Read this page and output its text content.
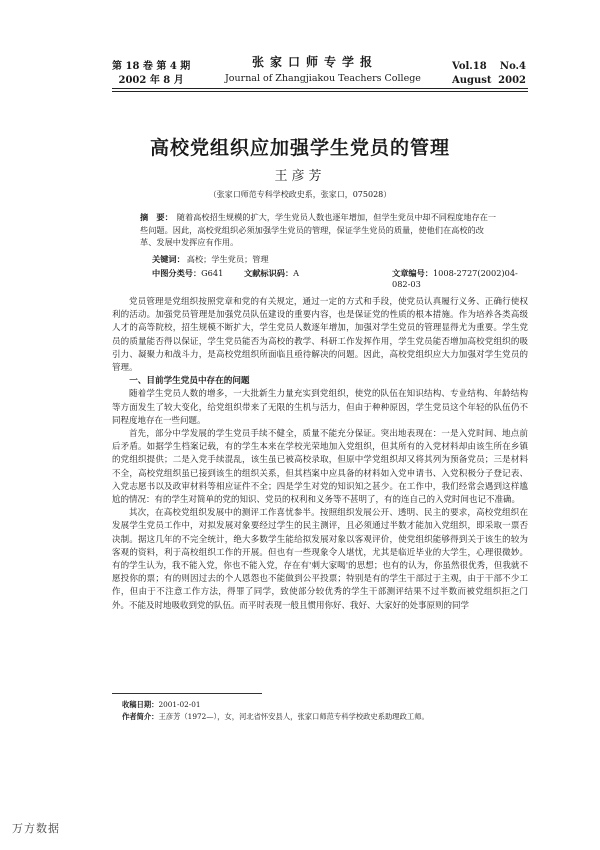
第 18 卷 第 4 期
2002 年 8 月
张家口师专学报
Journal of Zhangjiakou Teachers College
Vol.18 No.4
August 2002
高校党组织应加强学生党员的管理
王彦芳
（张家口师范专科学校政史系，张家口，075028）
摘　要： 随着高校招生规模的扩大，学生党员人数也逐年增加，但学生党员中却不同程度地存在一些问题。因此，高校党组织必须加强学生党员的管理，保证学生党员的质量，使他们在高校的改革、发展中发挥应有作用。
关键词： 高校；学生党员；管理
中图分类号：G641	文献标识码：A	文章编号：1008-2727(2002)04-082-03

党员管理是党组织按照党章和党的有关规定，通过一定的方式和手段，使党员认真履行义务、正确行使权利的活动。加强党员管理是加强党员队伍建设的重要内容，也是保证党的性质的根本措施。作为培养各类高级人才的高等院校，招生规模不断扩大，学生党员人数逐年增加，加强对学生党员的管理显得尤为重要。学生党员的质量能否得以保证，学生党员能否为高校的教学、科研工作发挥作用，学生党员能否增加高校党组织的吸引力、凝聚力和战斗力，是高校党组织所面临且亟待解决的问题。因此，高校党组织应大力加强对学生党员的管理。

一、目前学生党员中存在的问题

随着学生党员人数的增多，一大批新生力量充实到党组织，使党的队伍在知识结构、专业结构、年龄结构等方面发生了较大变化，给党组织带来了无限的生机与活力，但由于种种原因，学生党员这个年轻的队伍仍不同程度地存在一些问题。

首先，部分中学发展的学生党员手续不健全，质量不能充分保证。突出地表现在：一是入党时间、地点前后矛盾。如据学生档案记载，有的学生本来在学校光荣地加入党组织，但其所有的入党材料却由该生所在乡镇的党组织提供；二是入党手续混乱，该生虽已被高校录取，但原中学党组织却又将其列为预备党员；三是材料不全，高校党组织虽已接到该生的组织关系，但其档案中应具备的材料如入党申请书、入党积极分子登记表、入党志愿书以及政审材料等相应证件不全；四是学生对党的知识知之甚少。在工作中，我们经常会遇到这样尴尬的情况：有的学生对简单的党的知识、党员的权利和义务等不甚明了，有的连自己的入党时间也记不准确。

其次，在高校党组织发展中的测评工作喜忧参半。按照组织发展公开、透明、民主的要求，高校党组织在发展学生党员工作中，对拟发展对象要经过学生的民主测评，且必须通过半数才能加入党组织，即采取一票否决制。据这几年的不完全统计，绝大多数学生能给拟发展对象以客观评价，使党组织能够得到关于该生的较为客观的资料，利于高校组织工作的开展。但也有一些现象令人堪忧，尤其是临近毕业的大学生，心理很微妙。有的学生认为，我不能入党，你也不能入党，存在有'刺大家喝'的思想；也有的认为，你虽然很优秀，但我就不愿投你的票；有的则因过去的个人恩怨也不能做到公平投票；特别是有的学生干部过于主观，由于干部不少工作，但由于不注意工作方法，得罪了同学，致使部分较优秀的学生干部测评结果不过半数而被党组织拒之门外。不能及时地吸收到党的队伍。而平时表现一般且惯用你好、我好、大家好的处事原则的同学

收稿日期：2001-02-01
作者简介：王彦芳（1972—），女，河北省怀安县人，张家口师范专科学校政史系助理政工师。
万方数据
